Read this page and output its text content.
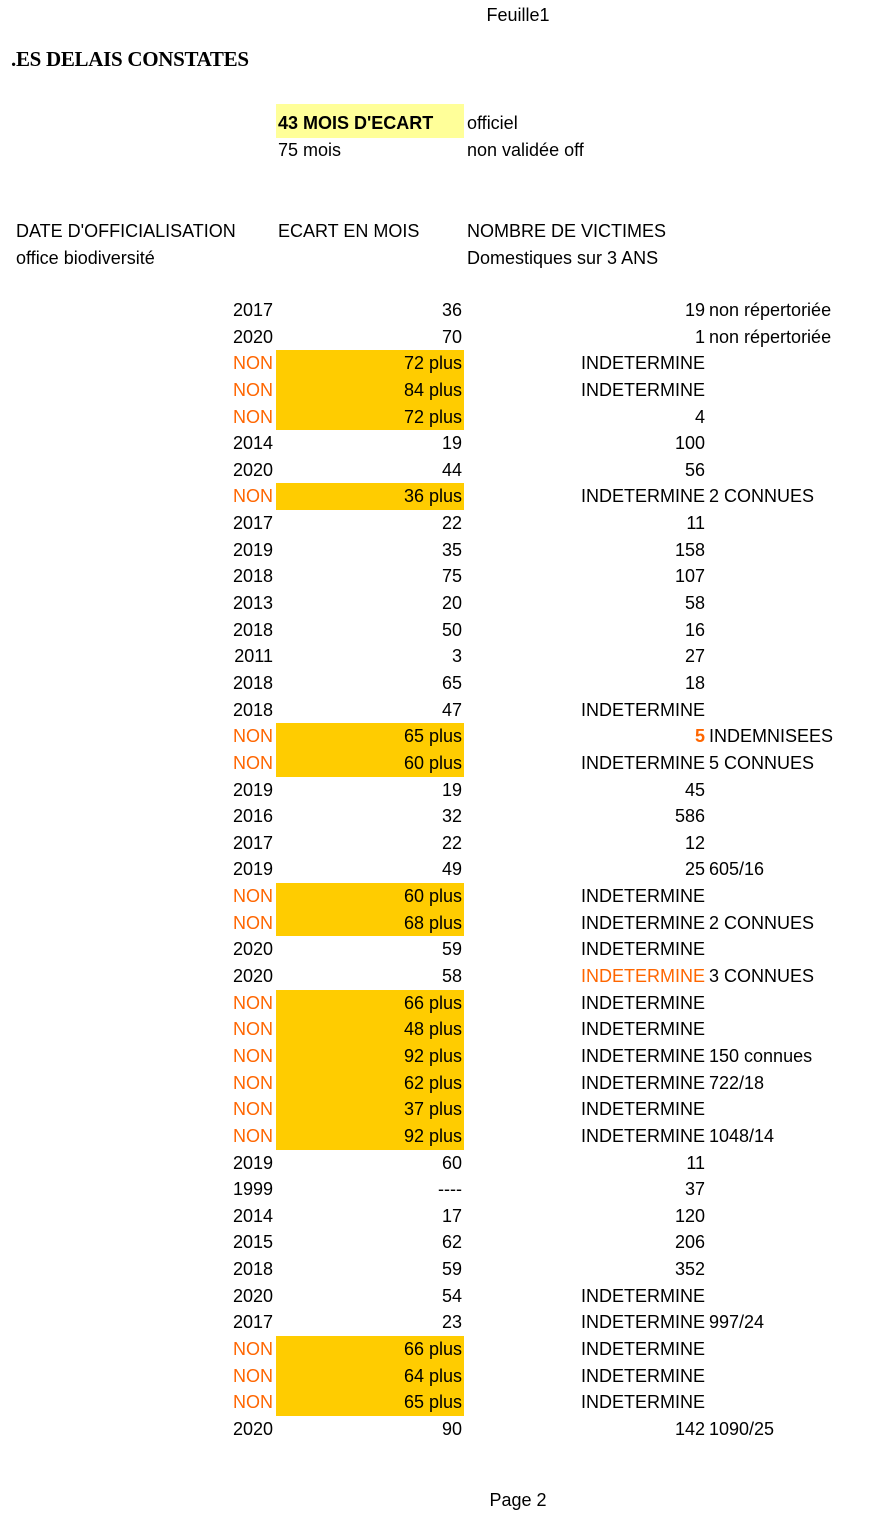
Feuille1
.ES DELAIS CONSTATES
43 MOIS D'ECART officiel
75 mois	non validée off
DATE D'OFFICIALISATION
office biodiversité
ECART EN MOIS	NOMBRE DE VICTIMES
Domestiques sur 3 ANS
2017	36	19 non répertoriée
2020	70	1 non répertoriée
NON	72 plus	INDETERMINE
NON	84 plus	INDETERMINE
NON	72 plus	4
2014	19	100
2020	44	56
NON	36 plus	INDETERMINE 2 CONNUES
2017	22	11
2019	35	158
2018	75	107
2013	20	58
2018	50	16
2011	3	27
2018	65	18
2018	47	INDETERMINE
NON	65 plus	5 INDEMNISEES
NON	60 plus	INDETERMINE 5 CONNUES
2019	19	45
2016	32	586
2017	22	12
2019	49	25 605/16
NON	60 plus	INDETERMINE
NON	68 plus	INDETERMINE 2 CONNUES
2020	59	INDETERMINE
2020	58	INDETERMINE 3 CONNUES
NON	66 plus	INDETERMINE
NON	48 plus	INDETERMINE
NON	92 plus	INDETERMINE 150 connues
NON	62 plus	INDETERMINE 722/18
NON	37 plus	INDETERMINE
NON	92 plus	INDETERMINE 1048/14
2019	60	11
1999	----	37
2014	17	120
2015	62	206
2018	59	352
2020	54	INDETERMINE
2017	23	INDETERMINE 997/24
NON	66 plus	INDETERMINE
NON	64 plus	INDETERMINE
NON	65 plus	INDETERMINE
2020	90	142 1090/25
Page 2
